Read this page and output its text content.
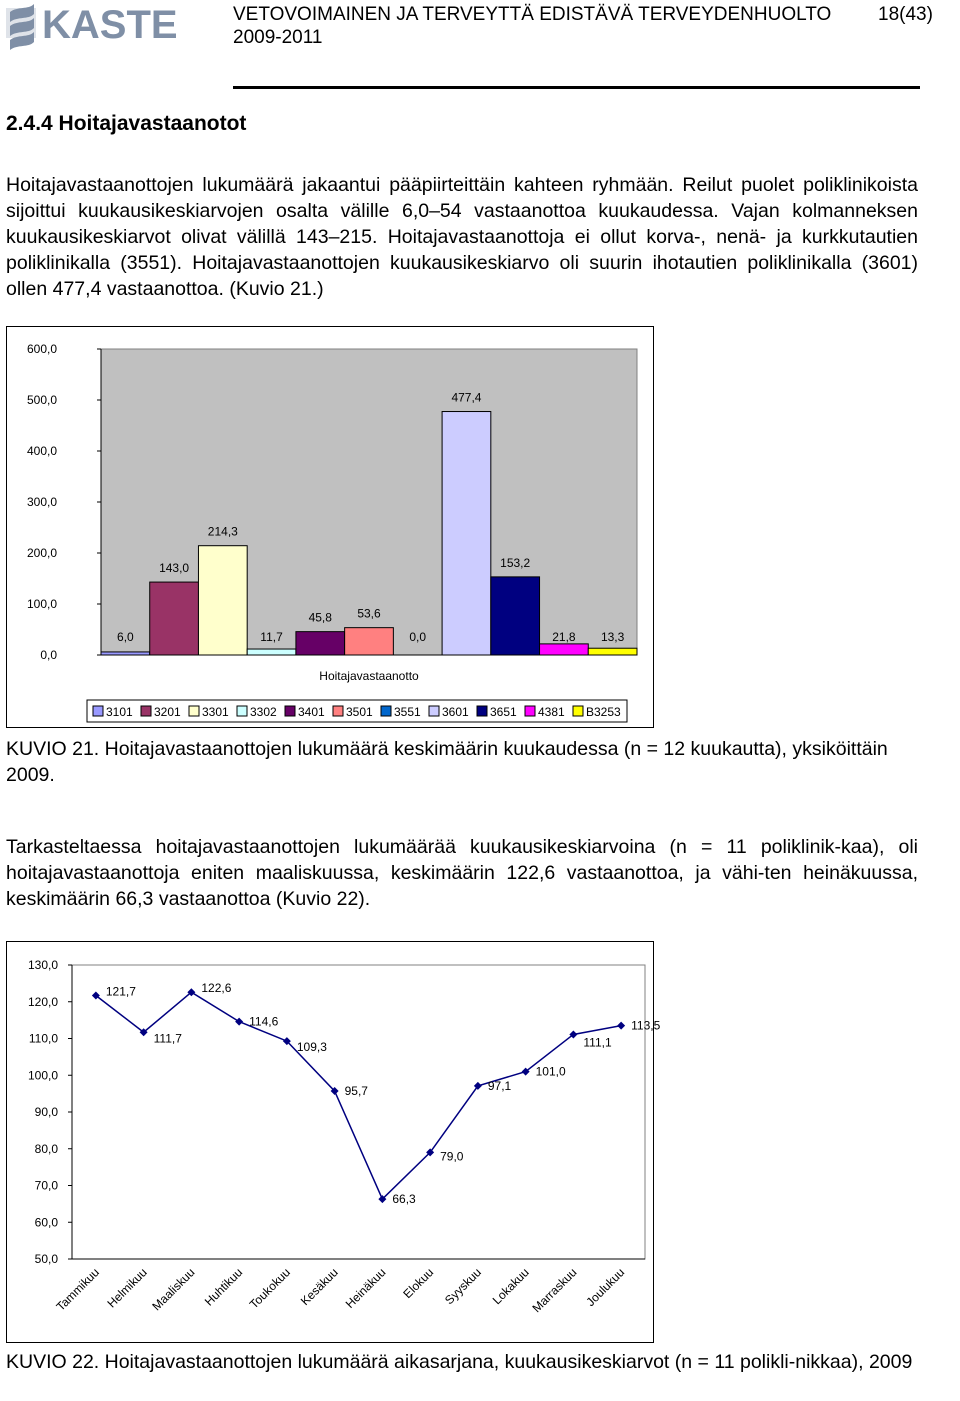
KASTE	VETOVOIMAINEN JA TERVEYTTÄ EDISTÄVÄ TERVEYDENHUOLTO
2009-2011
18(43)
2.4.4 Hoitajavastaanotot

Hoitajavastaanottojen lukumäärä jakaantui pääpiirteittäin kahteen ryhmään. Reilut puolet poliklinikoista sijoittui kuukausikeskiarvojen osalta välille 6,0–54 vastaanottoa kuukaudessa. Vajan kolmanneksen kuukausikeskiarvot olivat välillä 143–215. Hoitajavastaanottoja ei ollut korva-, nenä- ja kurkkutautien poliklinikalla (3551). Hoitajavastaanottojen kuukausikeskiarvo oli suurin ihotautien poliklinikalla (3601) ollen 477,4 vastaanottoa. (Kuvio 21.)

0,0
100,0
200,0
300,0
400,0
500,0
600,0
6,0
143,0
214,3
11,7
45,8 53,6
0,0
477,4
153,2
21,8 13,3
Hoitajavastaanotto
3101 3201 3301 3302 3401 3501 3551 3601 3651 4381 B3253

KUVIO 21. Hoitajavastaanottojen lukumäärä keskimäärin kuukaudessa (n = 12 kuukautta), yksiköittäin 2009.

Tarkasteltaessa hoitajavastaanottojen lukumäärää kuukausikeskiarvoina (n = 11 poliklinik-kaa), oli hoitajavastaanottoja eniten maaliskuussa, keskimäärin 122,6 vastaanottoa, ja vähi-ten heinäkuussa, keskimäärin 66,3 vastaanottoa (Kuvio 22).

50,0
60,0
70,0
80,0
90,0
100,0
110,0
120,0
130,0
121,7
111,7
122,6
114,6
109,3
95,7
66,3
79,0
97,1
101,0
111,1
113,5
Tammikuu Helmikuu Maaliskuu Huhtikuu Toukokuu Kesäkuu Heinäkuu Elokuu Syyskuu Lokakuu
Marraskuu Joulukuu

KUVIO 22. Hoitajavastaanottojen lukumäärä aikasarjana, kuukausikeskiarvot (n = 11 polikli-nikkaa), 2009
